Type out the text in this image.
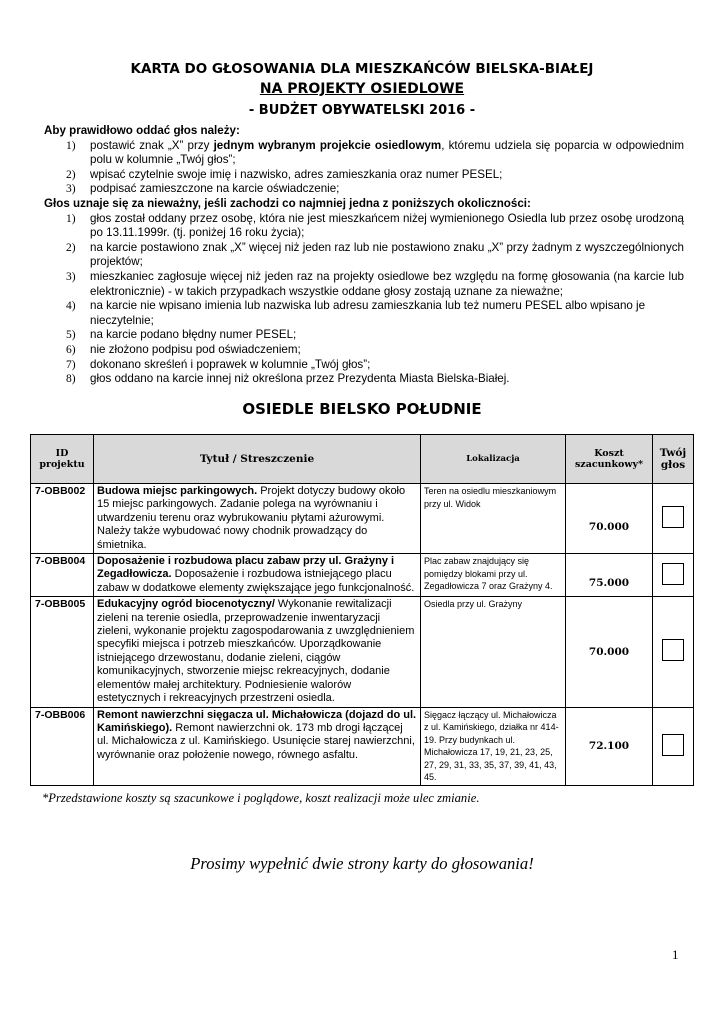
KARTA DO GŁOSOWANIA DLA MIESZKAŃCÓW BIELSKA-BIAŁEJ
NA PROJEKTY OSIEDLOWE
- BUDŻET OBYWATELSKI 2016 -
Aby prawidłowo oddać głos należy:
1) postawić znak „X” przy jednym wybranym projekcie osiedlowym, któremu udziela się poparcia w odpowiednim polu w kolumnie „Twój głos”;
2) wpisać czytelnie swoje imię i nazwisko, adres zamieszkania oraz numer PESEL;
3) podpisać zamieszczone na karcie oświadczenie;
Głos uznaje się za nieważny, jeśli zachodzi co najmniej jedna z poniższych okoliczności:
1) głos został oddany przez osobę, która nie jest mieszkańcem niżej wymienionego Osiedla lub przez osobę urodzoną po 13.11.1999r. (tj. poniżej 16 roku życia);
2) na karcie postawiono znak „X” więcej niż jeden raz lub nie postawiono znaku „X” przy żadnym z wyszczególnionych projektów;
3) mieszkaniec zagłosuje więcej niż jeden raz na projekty osiedlowe bez względu na formę głosowania (na karcie lub elektronicznie) - w takich przypadkach wszystkie oddane głosy zostają uznane za nieważne;
4) na karcie nie wpisano imienia lub nazwiska lub adresu zamieszkania lub też numeru PESEL albo wpisano je nieczytelnie;
5) na karcie podano błędny numer PESEL;
6) nie złożono podpisu pod oświadczeniem;
7) dokonano skreśleń i poprawek w kolumnie „Twój głos”;
8) głos oddano na karcie innej niż określona przez Prezydenta Miasta Bielska-Białej.
OSIEDLE BIELSKO POŁUDNIE
ID projektu	Tytuł / Streszczenie	Lokalizacja	Koszt szacunkowy*	Twój głos
7-OBB002	Budowa miejsc parkingowych. Projekt dotyczy budowy około 15 miejsc parkingowych. Zadanie polega na wyrównaniu i utwardzeniu terenu oraz wybrukowaniu płytami ażurowymi. Należy także wybudować nowy chodnik prowadzący do śmietnika.	Teren na osiedlu mieszkaniowym przy ul. Widok	70.000	
7-OBB004	Doposażenie i rozbudowa placu zabaw przy ul. Grażyny i Zegadłowicza. Doposażenie i rozbudowa istniejącego placu zabaw w dodatkowe elementy zwiększające jego funkcjonalność.	Plac zabaw znajdujący się pomiędzy blokami przy ul. Zegadłowicza 7 oraz Grażyny 4.	75.000	
7-OBB005	Edukacyjny ogród biocenotyczny/ Wykonanie rewitalizacji zieleni na terenie osiedla, przeprowadzenie inwentaryzacji zieleni, wykonanie projektu zagospodarowania z uwzględnieniem specyfiki miejsca i potrzeb mieszkańców. Uporządkowanie istniejącego drzewostanu, dodanie zieleni, ciągów komunikacyjnych, stworzenie miejsc rekreacyjnych, dodanie elementów małej architektury. Podniesienie walorów estetycznych i rekreacyjnych przestrzeni osiedla.	Osiedla przy ul. Grażyny	70.000	
7-OBB006	Remont nawierzchni sięgacza ul. Michałowicza (dojazd do ul. Kamińskiego). Remont nawierzchni ok. 173 mb drogi łączącej ul. Michałowicza z ul. Kamińskiego. Usunięcie starej nawierzchni, wyrównanie oraz położenie nowego, równego asfaltu.	Sięgacz łączący ul. Michałowicza z ul. Kamińskiego, działka nr 414-19. Przy budynkach ul. Michałowicza 17, 19, 21, 23, 25, 27, 29, 31, 33, 35, 37, 39, 41, 43, 45.	72.100	
*Przedstawione koszty są szacunkowe i poglądowe, koszt realizacji może ulec zmianie.
Prosimy wypełnić dwie strony karty do głosowania!
1
